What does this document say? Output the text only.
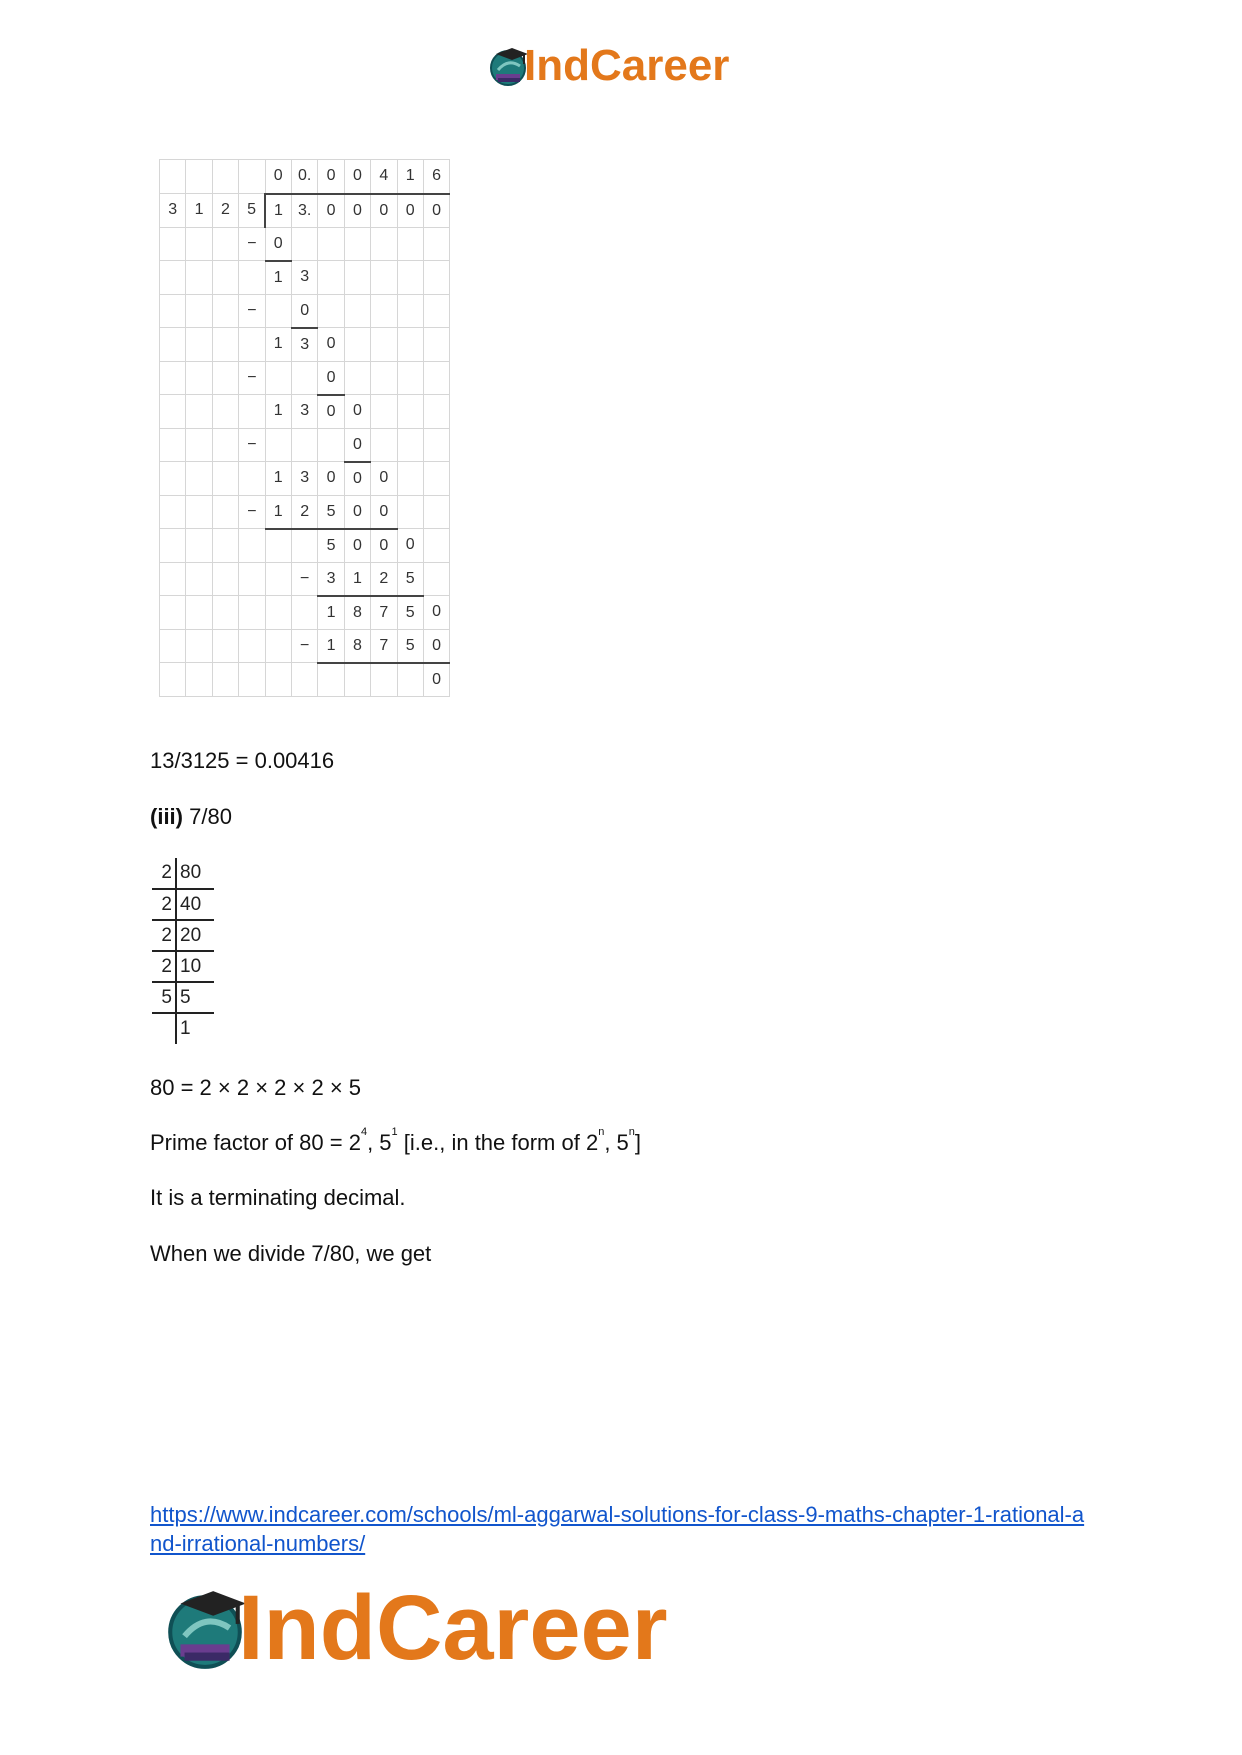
IndCareer
				0	0.	0	0	4	1	6
3	1	2	5	1	3.	0	0	0	0	0
			−	0						
				1	3					
			−		0					
				1	3	0				
			−			0				
				1	3	0	0			
			−				0			
				1	3	0	0	0		
			−	1	2	5	0	0		
						5	0	0	0	
					−	3	1	2	5	
						1	8	7	5	0
					−	1	8	7	5	0
										0
13/3125 = 0.00416
(iii) 7/80
2	80
2	40
2	20
2	10
5	5
	1
80 = 2 × 2 × 2 × 2 × 5
Prime factor of $80 = 2^4$, $5^1$ [i.e., in the form of 2$^n$, 5$^n$]
It is a terminating decimal.
When we divide 7/80, we get
https://www.indcareer.com/schools/ml-aggarwal-solutions-for-class-9-maths-chapter-1-rational-and-irrational-numbers/
IndCareer
